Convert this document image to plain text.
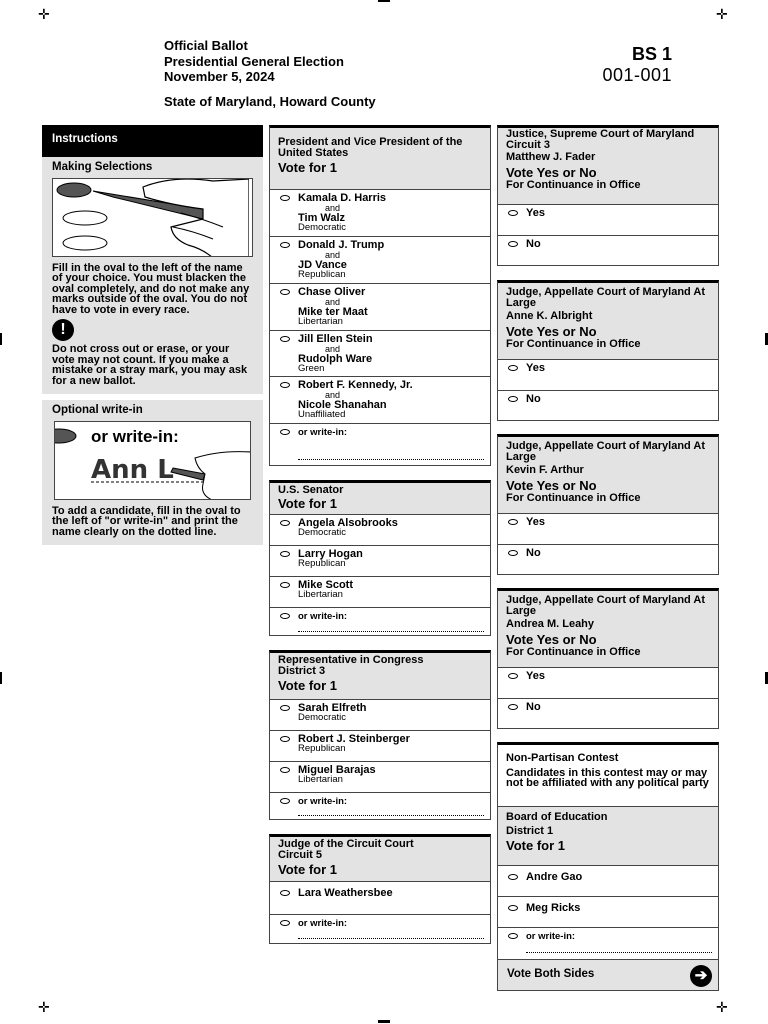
✛	✛
✛	✛
Official Ballot
Presidential General Election
November 5, 2024
State of Maryland, Howard County
BS 1
001-001
Instructions
Making Selections
Fill in the oval to the left of the name of your choice. You must blacken the oval completely, and do not make any marks outside of the oval. You do not have to vote in every race.
!
Do not cross out or erase, or your vote may not count. If you make a mistake or a stray mark, you may ask for a new ballot.
Optional write-in
or write-in:
Ann L
To add a candidate, fill in the oval to the left of "or write-in" and print the name clearly on the dotted line.
President and Vice President of the United States
Vote for 1
Kamala D. Harris
and
Tim Walz
Democratic
Donald J. Trump
and
JD Vance
Republican
Chase Oliver
and
Mike ter Maat
Libertarian
Jill Ellen Stein
and
Rudolph Ware
Green
Robert F. Kennedy, Jr.
and
Nicole Shanahan
Unaffiliated
or write-in:
U.S. Senator
Vote for 1
Angela Alsobrooks
Democratic
Larry Hogan
Republican
Mike Scott
Libertarian
or write-in:
Representative in Congress
District 3
Vote for 1
Sarah Elfreth
Democratic
Robert J. Steinberger
Republican
Miguel Barajas
Libertarian
or write-in:
Judge of the Circuit Court
Circuit 5
Vote for 1
Lara Weathersbee
or write-in:
Justice, Supreme Court of Maryland
Circuit 3
Matthew J. Fader
Vote Yes or No
For Continuance in Office
Yes
No
Judge, Appellate Court of Maryland At Large
Anne K. Albright
Vote Yes or No
For Continuance in Office
Yes
No
Judge, Appellate Court of Maryland At Large
Kevin F. Arthur
Vote Yes or No
For Continuance in Office
Yes
No
Judge, Appellate Court of Maryland At Large
Andrea M. Leahy
Vote Yes or No
For Continuance in Office
Yes
No
Non-Partisan Contest
Candidates in this contest may or may not be affiliated with any political party
Board of Education
District 1
Vote for 1
Andre Gao
Meg Ricks
or write-in:
Vote Both Sides	➔
